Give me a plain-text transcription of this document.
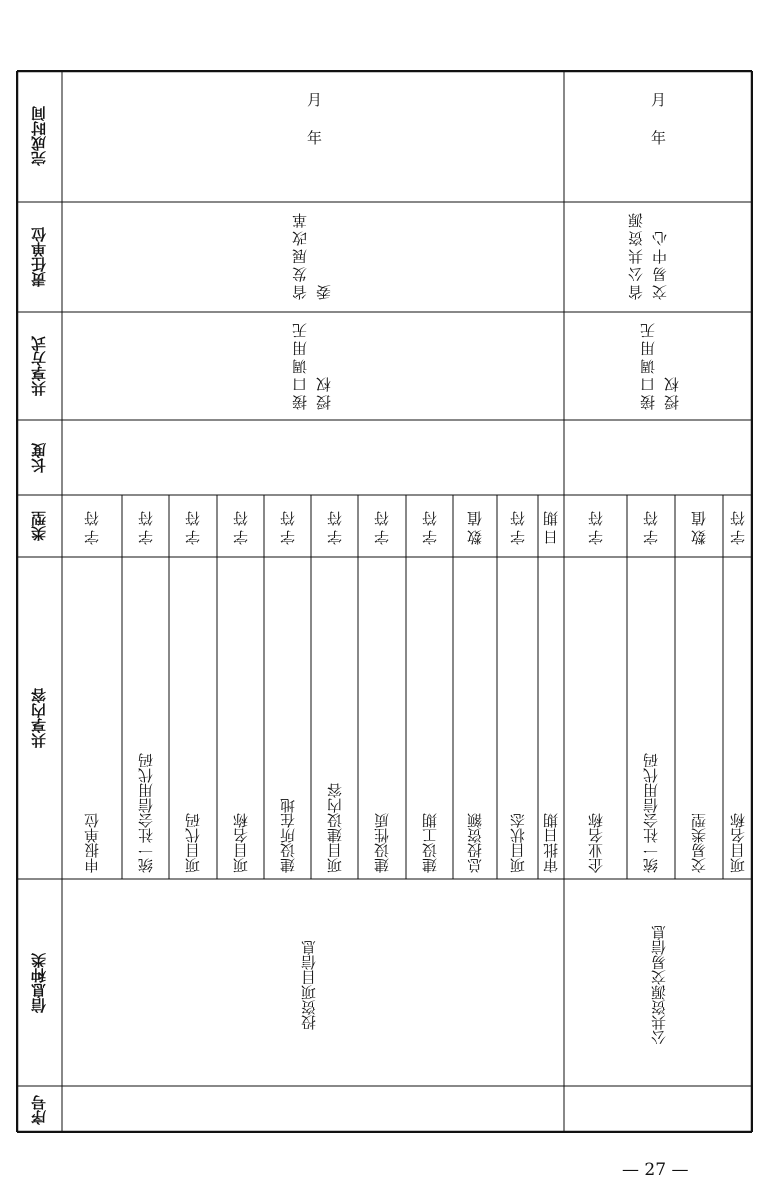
完成时间
责任单位
共享方式
长度
类型
共享内容
信息种类
序号
月
年
省发展改革委
接口调用无授权
投资项目信息
月
年
省公共资源交易中心
接口调用无授权
公共资源交易信息
申报单位
字符
统一社会信用代码
字符
项目代码
字符
项目名称
字符
建设所在地
字符
项目建设内容
字符
建设性质
字符
建设工期
字符
总投资额
数值
项目状态
字符
审批日期
日期
企业名称
字符
统一社会信用代码
字符
交易类型
数值
项目名称
字符
— 27 —
